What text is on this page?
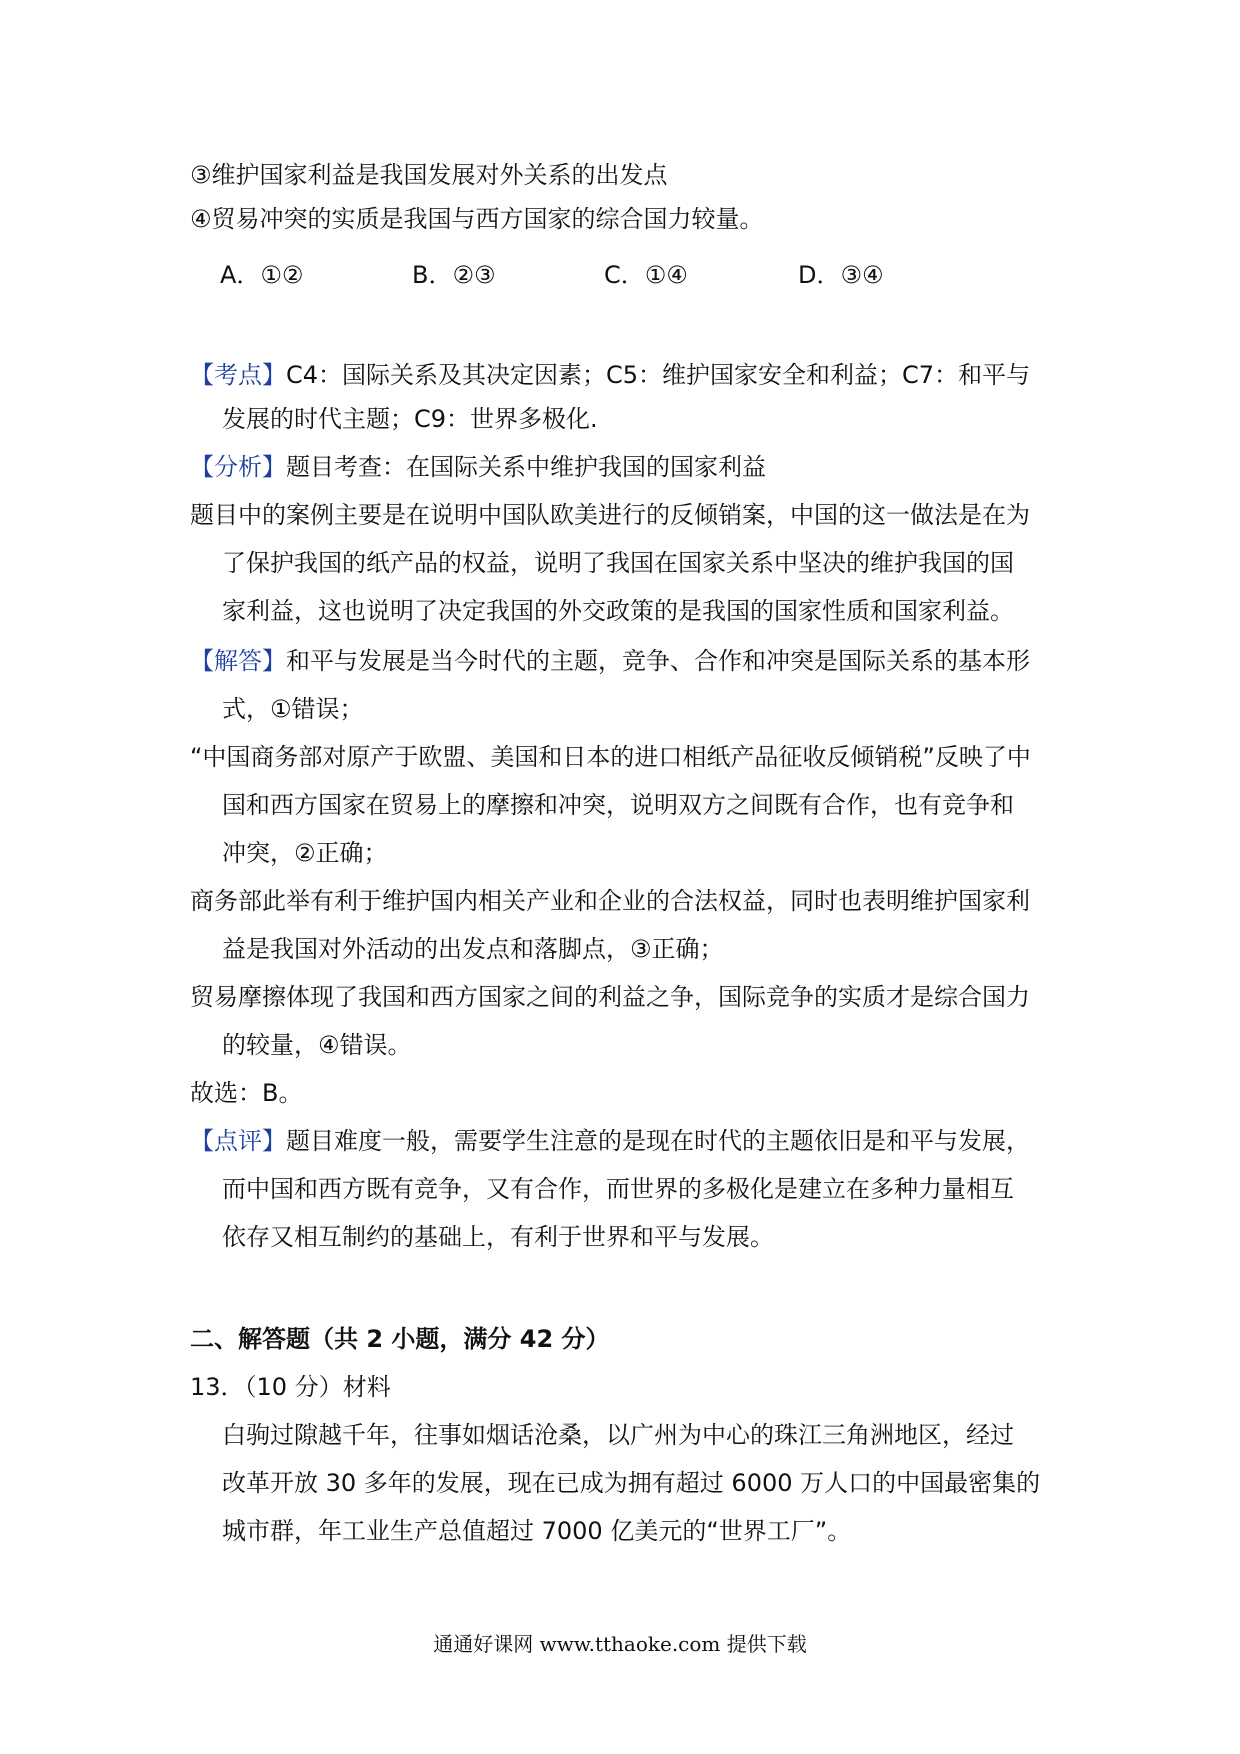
③维护国家利益是我国发展对外关系的出发点
④贸易冲突的实质是我国与西方国家的综合国力较量。
A．①②	B．②③	C．①④	D．③④
【考点】C4：国际关系及其决定因素；C5：维护国家安全和利益；C7：和平与
发展的时代主题；C9：世界多极化.
【分析】题目考查：在国际关系中维护我国的国家利益
题目中的案例主要是在说明中国队欧美进行的反倾销案，中国的这一做法是在为
了保护我国的纸产品的权益，说明了我国在国家关系中坚决的维护我国的国
家利益，这也说明了决定我国的外交政策的是我国的国家性质和国家利益。
【解答】和平与发展是当今时代的主题，竞争、合作和冲突是国际关系的基本形
式，①错误；
“中国商务部对原产于欧盟、美国和日本的进口相纸产品征收反倾销税”反映了中
国和西方国家在贸易上的摩擦和冲突，说明双方之间既有合作，也有竞争和
冲突，②正确；
商务部此举有利于维护国内相关产业和企业的合法权益，同时也表明维护国家利
益是我国对外活动的出发点和落脚点，③正确；
贸易摩擦体现了我国和西方国家之间的利益之争，国际竞争的实质才是综合国力
的较量，④错误。
故选：B。
【点评】题目难度一般，需要学生注意的是现在时代的主题依旧是和平与发展，
而中国和西方既有竞争，又有合作，而世界的多极化是建立在多种力量相互
依存又相互制约的基础上，有利于世界和平与发展。
二、解答题（共 2 小题，满分 42 分）
13．（10 分）材料
白驹过隙越千年，往事如烟话沧桑，以广州为中心的珠江三角洲地区，经过
改革开放 30 多年的发展，现在已成为拥有超过 6000 万人口的中国最密集的
城市群，年工业生产总值超过 7000 亿美元的“世界工厂”。
通通好课网 www.tthaoke.com 提供下载
